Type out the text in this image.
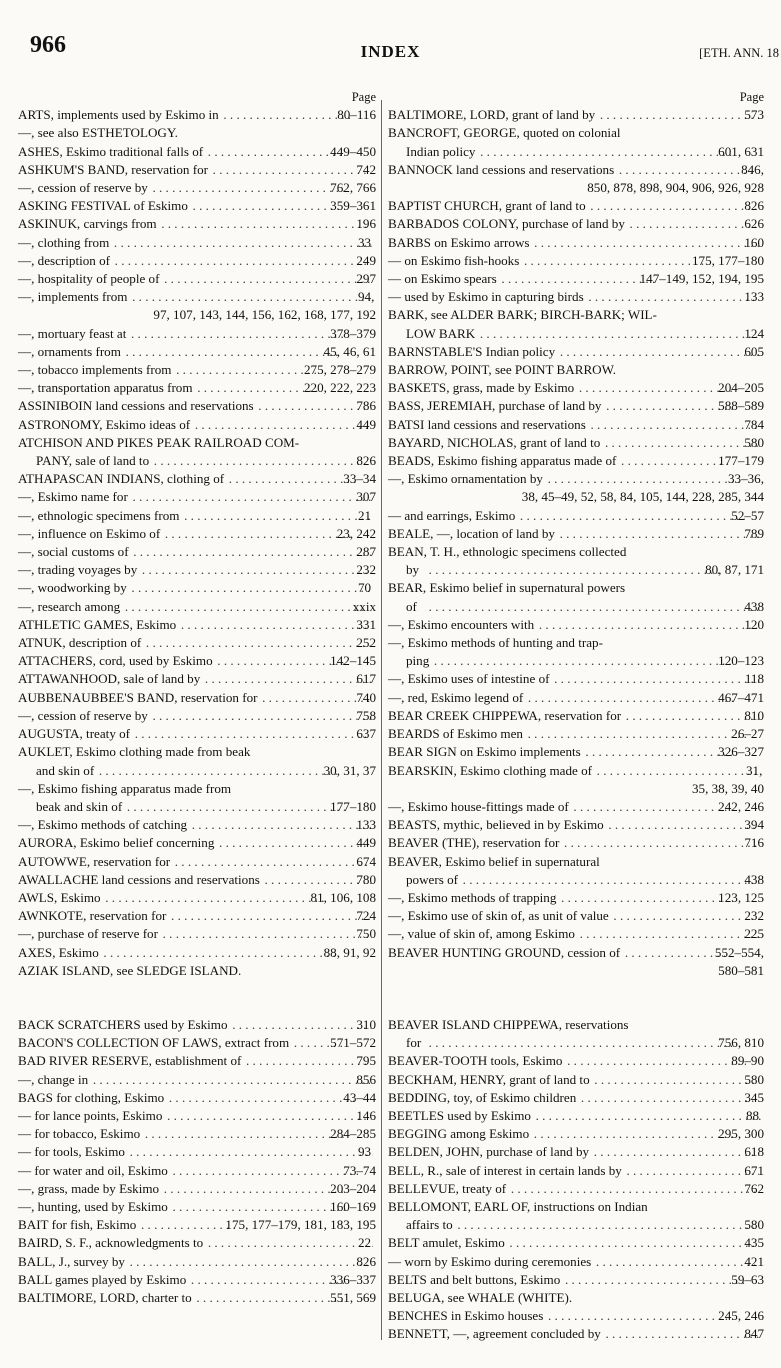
966	INDEX	[ETH. ANN. 18
Page
ARTS, implements used by Eskimo in . . .	80–116
—, see also ESTHETOLOGY.
ASHES, Eskimo traditional falls of . . .	449–450
ASHKUM'S BAND, reservation for . . .	742
—, cession of reserve by . . .	762, 766
ASKING FESTIVAL of Eskimo . . .	359–361
ASKINUK, carvings from . . .	196
—, clothing from . . .	33
—, description of . . .	249
—, hospitality of people of . . .	297
—, implements from . . .	94,
97, 107, 143, 144, 156, 162, 168, 177, 192
—, mortuary feast at . . .	378–379
—, ornaments from . . .	45, 46, 61
—, tobacco implements from . . .	275, 278–279
—, transportation apparatus from . . .	220, 222, 223
ASSINIBOIN land cessions and reservations . . .	786
ASTRONOMY, Eskimo ideas of . . .	449
ATCHISON AND PIKES PEAK RAILROAD COM-
PANY, sale of land to . . .	826
ATHAPASCAN INDIANS, clothing of . . .	33–34
—, Eskimo name for . . .	307
—, ethnologic specimens from . . .	21
—, influence on Eskimo of . . .	23, 242
—, social customs of . . .	287
—, trading voyages by . . .	232
—, woodworking by . . .	70
—, research among . . .	xxix
ATHLETIC GAMES, Eskimo . . .	331
ATNUK, description of . . .	252
ATTACHERS, cord, used by Eskimo . . .	142–145
ATTAWANHOOD, sale of land by . . .	617
AUBBENAUBBEE'S BAND, reservation for . . .	740
—, cession of reserve by . . .	758
AUGUSTA, treaty of . . .	637
AUKLET, Eskimo clothing made from beak
and skin of . . .	30, 31, 37
—, Eskimo fishing apparatus made from
beak and skin of . . .	177–180
—, Eskimo methods of catching . . .	133
AURORA, Eskimo belief concerning . . .	449
AUTOWWE, reservation for . . .	674
AWALLACHE land cessions and reservations . . .	780
AWLS, Eskimo . . .	81, 106, 108
AWNKOTE, reservation for . . .	724
—, purchase of reserve for . . .	750
AXES, Eskimo . . .	88, 91, 92
AZIAK ISLAND, see SLEDGE ISLAND.
BACK SCRATCHERS used by Eskimo . . .	310
BACON'S COLLECTION OF LAWS, extract from . . .	571–572
BAD RIVER RESERVE, establishment of . . .	795
—, change in . . .	856
BAGS for clothing, Eskimo . . .	43–44
— for lance points, Eskimo . . .	146
— for tobacco, Eskimo . . .	284–285
— for tools, Eskimo . . .	93
— for water and oil, Eskimo . . .	73–74
—, grass, made by Eskimo . . .	203–204
—, hunting, used by Eskimo . . .	160–169
BAIT for fish, Eskimo . . .	175, 177–179, 181, 183, 195
BAIRD, S. F., acknowledgments to . . .	22
BALL, J., survey by . . .	826
BALL games played by Eskimo . . .	336–337
BALTIMORE, LORD, charter to . . .	551, 569
Page
BALTIMORE, LORD, grant of land by . . .	573
BANCROFT, GEORGE, quoted on colonial
Indian policy . . .	601, 631
BANNOCK land cessions and reservations . . .	846,
850, 878, 898, 904, 906, 926, 928
BAPTIST CHURCH, grant of land to . . .	826
BARBADOS COLONY, purchase of land by . . .	626
BARBS on Eskimo arrows . . .	160
— on Eskimo fish-hooks . . .	175, 177–180
— on Eskimo spears . . .	147–149, 152, 194, 195
— used by Eskimo in capturing birds . . .	133
BARK, see ALDER BARK; BIRCH-BARK; WIL-
LOW BARK . . .	124
BARNSTABLE'S Indian policy . . .	605
BARROW, POINT, see POINT BARROW.
BASKETS, grass, made by Eskimo . . .	204–205
BASS, JEREMIAH, purchase of land by . . .	588–589
BATSI land cessions and reservations . . .	784
BAYARD, NICHOLAS, grant of land to . . .	580
BEADS, Eskimo fishing apparatus made of . . .	177–179
—, Eskimo ornamentation by . . .	33–36,
38, 45–49, 52, 58, 84, 105, 144, 228, 285, 344
— and earrings, Eskimo . . .	52–57
BEALE, —, location of land by . . .	789
BEAN, T. H., ethnologic specimens collected
by . . .	80, 87, 171
BEAR, Eskimo belief in supernatural powers
of . . .	438
—, Eskimo encounters with . . .	120
—, Eskimo methods of hunting and trap-
ping . . .	120–123
—, Eskimo uses of intestine of . . .	118
—, red, Eskimo legend of . . .	467–471
BEAR CREEK CHIPPEWA, reservation for . . .	810
BEARDS of Eskimo men . . .	26–27
BEAR SIGN on Eskimo implements . . .	326–327
BEARSKIN, Eskimo clothing made of . . .	31,
35, 38, 39, 40
—, Eskimo house-fittings made of . . .	242, 246
BEASTS, mythic, believed in by Eskimo . . .	394
BEAVER (THE), reservation for . . .	716
BEAVER, Eskimo belief in supernatural
powers of . . .	438
—, Eskimo methods of trapping . . .	123, 125
—, Eskimo use of skin of, as unit of value . . .	232
—, value of skin of, among Eskimo . . .	225
BEAVER HUNTING GROUND, cession of . . .	552–554,
580–581
BEAVER ISLAND CHIPPEWA, reservations
for . . .	756, 810
BEAVER-TOOTH tools, Eskimo . . .	89–90
BECKHAM, HENRY, grant of land to . . .	580
BEDDING, toy, of Eskimo children . . .	345
BEETLES used by Eskimo . . .	88
BEGGING among Eskimo . . .	295, 300
BELDEN, JOHN, purchase of land by . . .	618
BELL, R., sale of interest in certain lands by . . .	671
BELLEVUE, treaty of . . .	762
BELLOMONT, EARL OF, instructions on Indian
affairs to . . .	580
BELT amulet, Eskimo . . .	435
— worn by Eskimo during ceremonies . . .	421
BELTS and belt buttons, Eskimo . . .	59–63
BELUGA, see WHALE (WHITE).
BENCHES in Eskimo houses . . .	245, 246
BENNETT, —, agreement concluded by . . .	847
